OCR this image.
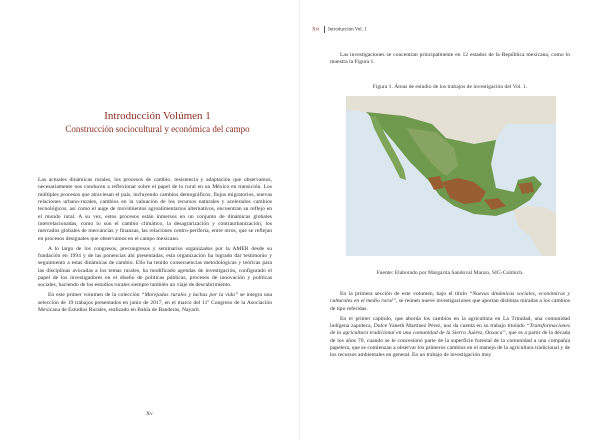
Introducción Volúmen 1
Construcción sociocultural y económica del campo

Las actuales dinámicas rurales, los procesos de cambio, resistencia y adaptación que observamos, necesariamente nos conducen a reflexionar sobre el papel de lo rural en un México en transición. Los múltiples procesos que atraviesan el país, incluyendo cambios demográficos, flujos migratorios, nuevas relaciones urbano-rurales, cambios en la valuación de los recursos naturales y acelerados cambios tecnológicos, así como el auge de movimientos agroalimentarios alternativos, encuentran su reflejo en el mundo rural. A su vez, estos procesos están inmersos en un conjunto de dinámicas globales interrelacionadas, como lo son el cambio climático, la desagrarización y contraurbanización, los mercados globales de mercancías y finanzas, las relaciones centro-periferia, entre otros, que se reflejan en procesos desiguales que observamos en el campo mexicano.

A lo largo de los congresos, precongresos y seminarios organizados por la AMER desde su fundación en 1994 y de las ponencias ahí presentadas, esta organización ha logrado dar testimonio y seguimiento a estas dinámicas de cambio. Ello ha tenido consecuencias metodológicas y teóricas para las disciplinas avocadas a los temas rurales, ha modificado agendas de investigación, configurado el papel de los investigadores en el diseño de políticas públicas, procesos de innovación y políticas sociales, haciendo de los estudios rurales siempre también un viaje de descubrimiento.

En este primer volumen de la colección “Marejadas rurales y luchas por la vida” se integra una selección de 19 trabajos presentados en junio de 2017, en el marco del 11º Congreso de la Asociación Mexicana de Estudios Rurales, realizado en Bahía de Banderas, Nayarit.

Xv
Xvi Introducción Vol. 1

Las investigaciones se concentran principalmente en 12 estados de la República mexicana, como lo muestra la Figura 1.

Figura 1. Áreas de estudio de los trabajos de investigación del Vol. 1.
Fuente: Elaborado por Margarita Sandoval Manzo, SIG-Colmich.

En la primera sección de este volumen, bajo el título “Nuevas dinámicas sociales, económicas y culturales en el medio rural”, se reúnen nueve investigaciones que aportan distintas miradas a los cambios de tipo referidas.

En el primer capítulo, que aborda los cambios en la agricultura en La Trinidad, una comunidad indígena zapoteca, Dulce Yaneth Martínez Pérez, nos da cuenta en su trabajo titulado “Transformaciones de la agricultura tradicional en una comunidad de la Sierra Juárez, Oaxaca”, que es a partir de la década de los años 70, cuando se le concesionó parte de la superficie forestal de la comunidad a una compañía papelera, que se comienzan a observar los primeros cambios en el manejo de la agricultura tradicional y de los recursos ambientales en general. En un trabajo de investigación muy
